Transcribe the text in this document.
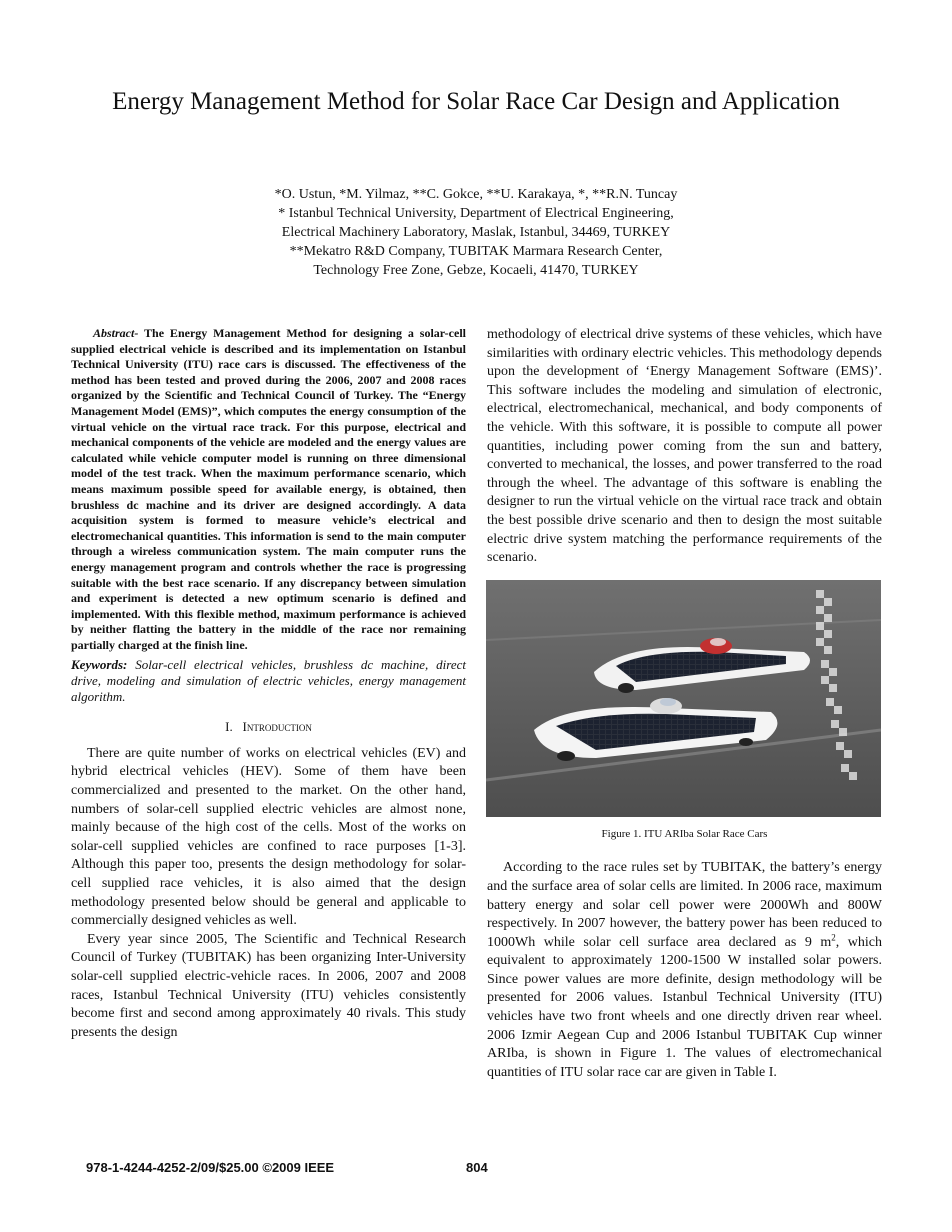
Energy Management Method for Solar Race Car Design and Application
*O. Ustun, *M. Yilmaz, **C. Gokce, **U. Karakaya, *, **R.N. Tuncay
* Istanbul Technical University, Department of Electrical Engineering,
Electrical Machinery Laboratory, Maslak, Istanbul, 34469, TURKEY
**Mekatro R&D Company, TUBITAK Marmara Research Center,
Technology Free Zone, Gebze, Kocaeli, 41470, TURKEY
Abstract- The Energy Management Method for designing a solar-cell supplied electrical vehicle is described and its implementation on Istanbul Technical University (ITU) race cars is discussed. The effectiveness of the method has been tested and proved during the 2006, 2007 and 2008 races organized by the Scientific and Technical Council of Turkey. The “Energy Management Model (EMS)”, which computes the energy consumption of the virtual vehicle on the virtual race track. For this purpose, electrical and mechanical components of the vehicle are modeled and the energy values are calculated while vehicle computer model is running on three dimensional model of the test track. When the maximum performance scenario, which means maximum possible speed for available energy, is obtained, then brushless dc machine and its driver are designed accordingly. A data acquisition system is formed to measure vehicle’s electrical and electromechanical quantities. This information is send to the main computer through a wireless communication system. The main computer runs the energy management program and controls whether the race is progressing suitable with the best race scenario. If any discrepancy between simulation and experiment is detected a new optimum scenario is defined and implemented. With this flexible method, maximum performance is achieved by neither flatting the battery in the middle of the race nor remaining partially charged at the finish line.
Keywords: Solar-cell electrical vehicles, brushless dc machine, direct drive, modeling and simulation of electric vehicles, energy management algorithm.
I. Introduction

There are quite number of works on electrical vehicles (EV) and hybrid electrical vehicles (HEV). Some of them have been commercialized and presented to the market. On the other hand, numbers of solar-cell supplied electric vehicles are almost none, mainly because of the high cost of the cells. Most of the works on solar-cell supplied vehicles are confined to race purposes [1-3]. Although this paper too, presents the design methodology for solar-cell supplied race vehicles, it is also aimed that the design methodology presented below should be general and applicable to commercially designed vehicles as well.

Every year since 2005, The Scientific and Technical Research Council of Turkey (TUBITAK) has been organizing Inter-University solar-cell supplied electric-vehicle races. In 2006, 2007 and 2008 races, Istanbul Technical University (ITU) vehicles consistently become first and second among approximately 40 rivals. This study presents the design

methodology of electrical drive systems of these vehicles, which have similarities with ordinary electric vehicles. This methodology depends upon the development of ‘Energy Management Software (EMS)’. This software includes the modeling and simulation of electronic, electrical, electromechanical, mechanical, and body components of the vehicle. With this software, it is possible to compute all power quantities, including power coming from the sun and battery, converted to mechanical, the losses, and power transferred to the road through the wheel. The advantage of this software is enabling the designer to run the virtual vehicle on the virtual race track and obtain the best possible drive scenario and then to design the most suitable electric drive system matching the performance requirements of the scenario.

Figure 1. ITU ARIba Solar Race Cars

According to the race rules set by TUBITAK, the battery’s energy and the surface area of solar cells are limited. In 2006 race, maximum battery energy and solar cell power were 2000Wh and 800W respectively. In 2007 however, the battery power has been reduced to 1000Wh while solar cell surface area declared as 9 $m^2$, which equivalent to approximately 1200-1500 W installed solar powers. Since power values are more definite, design methodology will be presented for 2006 values. Istanbul Technical University (ITU) vehicles have two front wheels and one directly driven rear wheel. 2006 Izmir Aegean Cup and 2006 Istanbul TUBITAK Cup winner ARIba, is shown in Figure 1. The values of electromechanical quantities of ITU solar race car are given in Table I.

978-1-4244-4252-2/09/$25.00 ©2009 IEEE	804
